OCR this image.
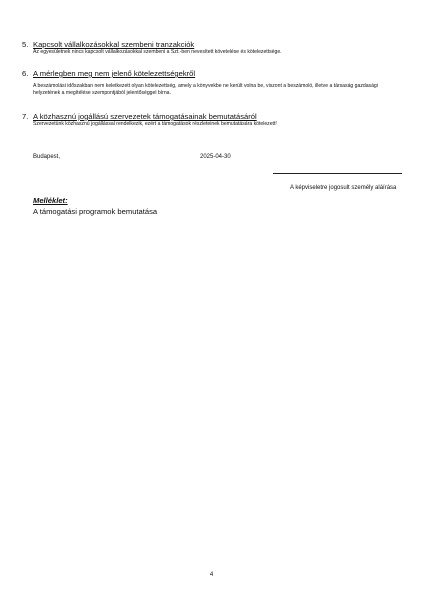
5. Kapcsolt vállalkozásokkal szembeni tranzakciók
Az egyesületnek nincs kapcsolt vállalkozásokkal szembeni a Szt.-ben nevesített követelése és kötelezettsége.
6. A mérlegben meg nem jelenő kötelezettségekről
A beszámolási időszakban nem keletkezett olyan kötelezettség, amely a könyvekbe ne került volna be, viszont a beszámoló, illetve a társaság gazdasági helyzetének a megítélése szempontjából jelentőséggel bírna.
7. A közhasznú jogállású szervezetek támogatásainak bemutatásáról
Szervezetünk közhasznú jogállással rendelkezik, ezért a támogatások részleteinek bemutatására kötelezett!
Budapest,	2025-04-30
A képviseletre jogosult személy aláírása
Melléklet:
A támogatási programok bemutatása
4
